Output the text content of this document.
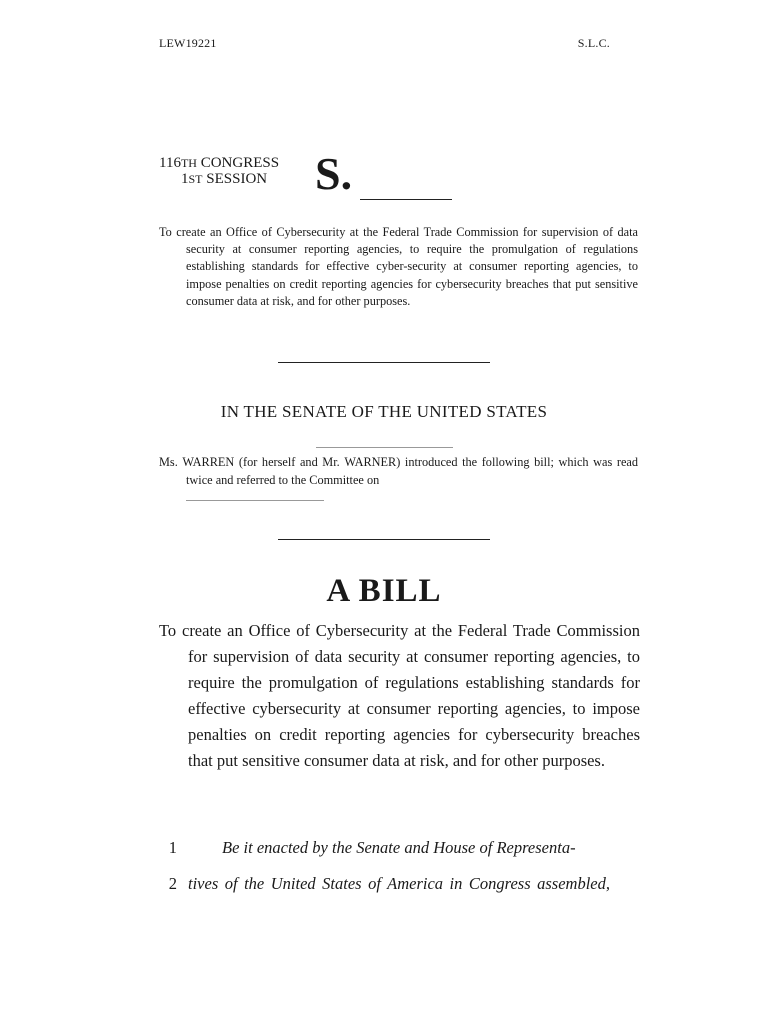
LEW19221	S.L.C.
116TH CONGRESS
1ST SESSION S.
To create an Office of Cybersecurity at the Federal Trade Commission for supervision of data security at consumer reporting agencies, to require the promulgation of regulations establishing standards for effective cyber-security at consumer reporting agencies, to impose penalties on credit reporting agencies for cybersecurity breaches that put sensitive consumer data at risk, and for other purposes.
IN THE SENATE OF THE UNITED STATES
Ms. WARREN (for herself and Mr. WARNER) introduced the following bill; which was read twice and referred to the Committee on
A BILL
To create an Office of Cybersecurity at the Federal Trade Commission for supervision of data security at consumer reporting agencies, to require the promulgation of regulations establishing standards for effective cybersecurity at consumer reporting agencies, to impose penalties on credit reporting agencies for cybersecurity breaches that put sensitive consumer data at risk, and for other purposes.
1	Be it enacted by the Senate and House of Representa-
2 tives of the United States of America in Congress assembled,
